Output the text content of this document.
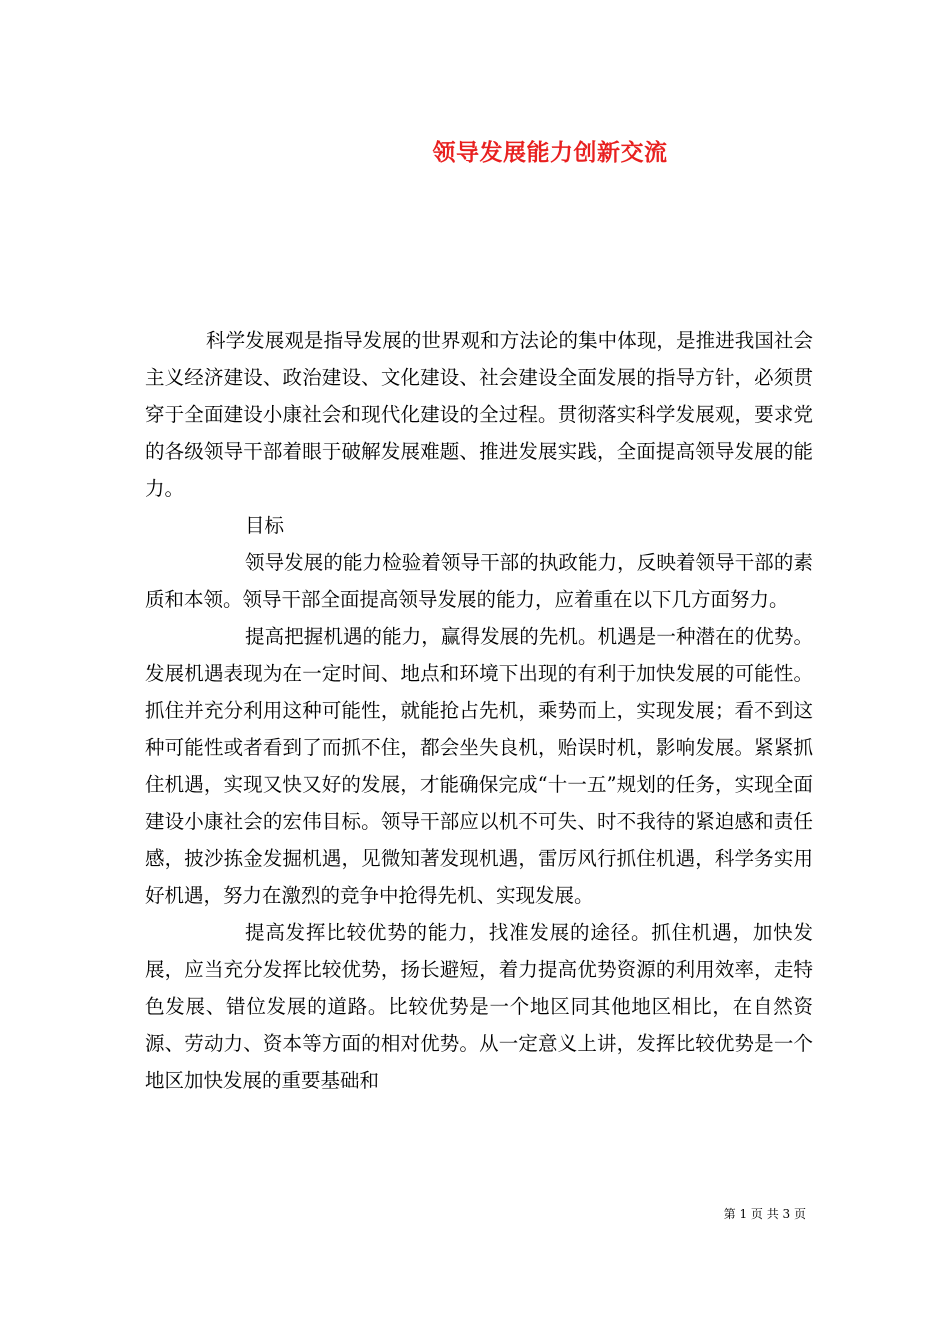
领导发展能力创新交流

科学发展观是指导发展的世界观和方法论的集中体现，是推进我国社会主义经济建设、政治建设、文化建设、社会建设全面发展的指导方针，必须贯穿于全面建设小康社会和现代化建设的全过程。贯彻落实科学发展观，要求党的各级领导干部着眼于破解发展难题、推进发展实践，全面提高领导发展的能力。

目标

领导发展的能力检验着领导干部的执政能力，反映着领导干部的素质和本领。领导干部全面提高领导发展的能力，应着重在以下几方面努力。

提高把握机遇的能力，赢得发展的先机。机遇是一种潜在的优势。发展机遇表现为在一定时间、地点和环境下出现的有利于加快发展的可能性。抓住并充分利用这种可能性，就能抢占先机，乘势而上，实现发展；看不到这种可能性或者看到了而抓不住，都会坐失良机，贻误时机，影响发展。紧紧抓住机遇，实现又快又好的发展，才能确保完成“十一五”规划的任务，实现全面建设小康社会的宏伟目标。领导干部应以机不可失、时不我待的紧迫感和责任感，披沙拣金发掘机遇，见微知著发现机遇，雷厉风行抓住机遇，科学务实用好机遇，努力在激烈的竞争中抢得先机、实现发展。

提高发挥比较优势的能力，找准发展的途径。抓住机遇，加快发展，应当充分发挥比较优势，扬长避短，着力提高优势资源的利用效率，走特色发展、错位发展的道路。比较优势是一个地区同其他地区相比，在自然资源、劳动力、资本等方面的相对优势。从一定意义上讲，发挥比较优势是一个地区加快发展的重要基础和

第 1 页 共 3 页
